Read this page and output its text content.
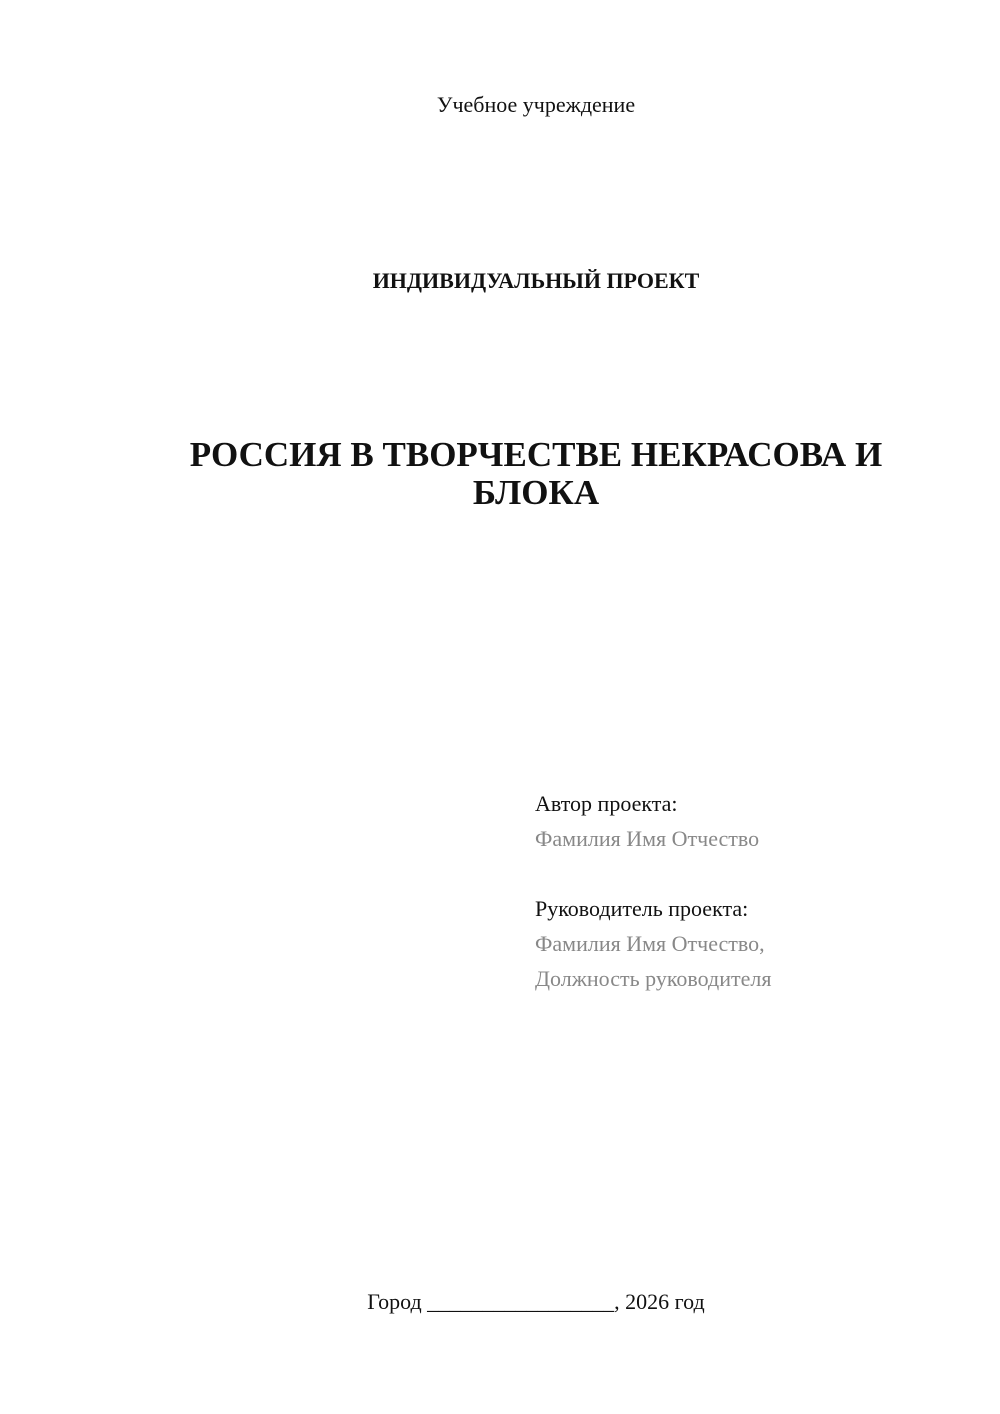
Учебное учреждение
ИНДИВИДУАЛЬНЫЙ ПРОЕКТ
РОССИЯ В ТВОРЧЕСТВЕ НЕКРАСОВА И БЛОКА
Автор проекта:
Фамилия Имя Отчество
Руководитель проекта:
Фамилия Имя Отчество,
Должность руководителя
Город _________________, 2026 год
